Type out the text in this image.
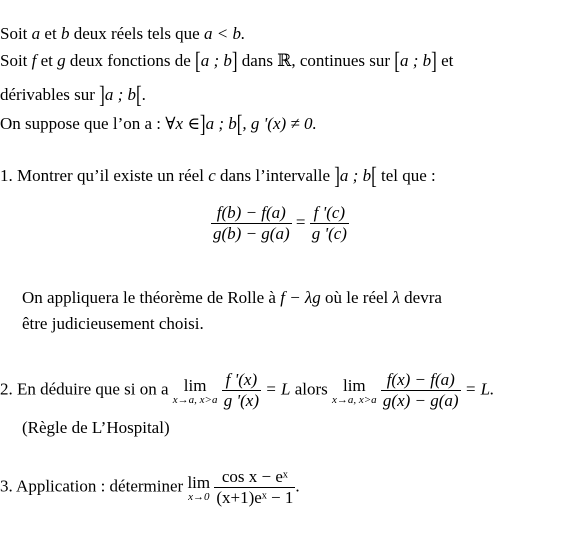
Soit a et b deux réels tels que a < b.
Soit f et g deux fonctions de [a ; b] dans ℝ, continues sur [a ; b] et
dérivables sur ]a ; b[.
On suppose que l’on a : ∀x ∈]a ; b[, g '(x) ≠ 0.
1. Montrer qu’il existe un réel c dans l’intervalle ]a ; b[ tel que :
$\frac{f(b) - f(a)}{g(b) - g(a)} = \frac{f '(c)}{g '(c)}$
On appliquera le théorème de Rolle à f − λg où le réel λ devra
être judicieusement choisi.
2. En déduire que si on a lim
x→a, x>a
$\frac{f '(x)}{g '(x)} = L$ alors lim
x→a, x>a
$\frac{f(x) - f(a)}{g(x) - g(a)} = L$.
(Règle de L’Hospital)
3. Application : déterminer lim
x→0
$\frac{\text{cos x − eˣ}}{\text{(x+1)eˣ − 1}}$ .
